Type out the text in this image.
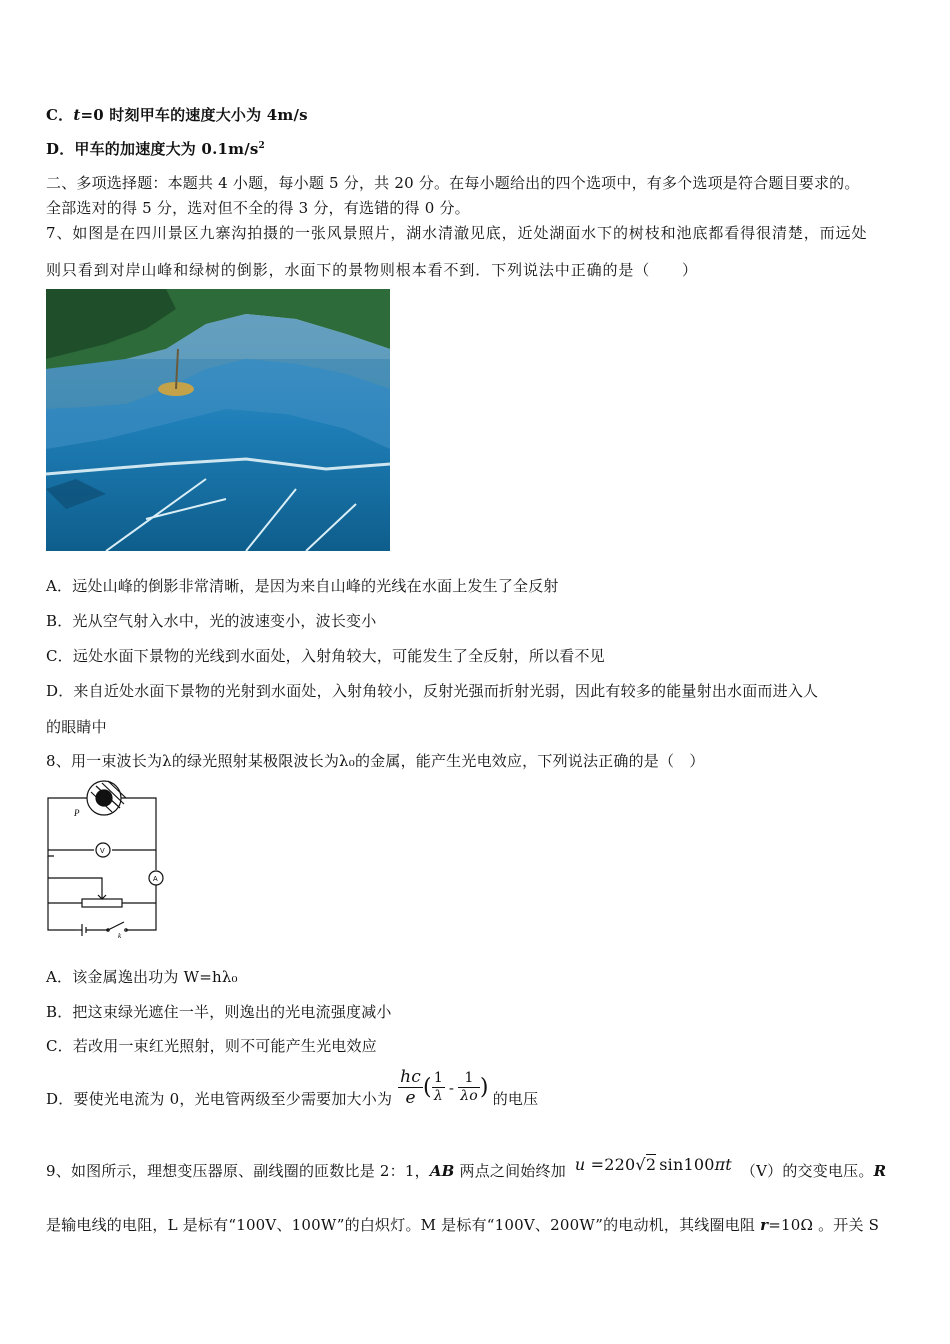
C．t=0 时刻甲车的速度大小为 4m/s
D．甲车的加速度大为 $0.1m/s^2$
二、多项选择题：本题共 4 小题，每小题 5 分，共 20 分。在每小题给出的四个选项中，有多个选项是符合题目要求的。
全部选对的得 5 分，选对但不全的得 3 分，有选错的得 0 分。
7、如图是在四川景区九寨沟拍摄的一张风景照片，湖水清澈见底，近处湖面水下的树枝和池底都看得很清楚，而远处
则只看到对岸山峰和绿树的倒影，水面下的景物则根本看不到．下列说法中正确的是（　　）
A．远处山峰的倒影非常清晰，是因为来自山峰的光线在水面上发生了全反射
B．光从空气射入水中，光的波速变小，波长变小
C．远处水面下景物的光线到水面处，入射角较大，可能发生了全反射，所以看不见
D．来自近处水面下景物的光射到水面处，入射角较小，反射光强而折射光弱，因此有较多的能量射出水面而进入人
的眼睛中
8、用一束波长为λ的绿光照射某极限波长为λ₀的金属，能产生光电效应，下列说法正确的是（　）
P
V
A
k
A．该金属逸出功为 W=hλ₀
B．把这束绿光遮住一半，则逸出的光电流强度减小
C．若改用一束红光照射，则不可能产生光电效应
D．要使光电流为 0，光电管两级至少需要加大小为 $\frac{hc}{e}$ ( $\frac{1}{\lambda} - \frac{1}{\lambda o}$ ) 的电压
9、如图所示，理想变压器原、副线圈的匝数比是 2：1，AB 两点之间始终加 u =220√2 sin100πt （V）的交变电压。R
是输电线的电阻，L 是标有“100V、100W”的白炽灯。M 是标有“100V、200W”的电动机，其线圈电阻 r=10Ω 。开关 S
